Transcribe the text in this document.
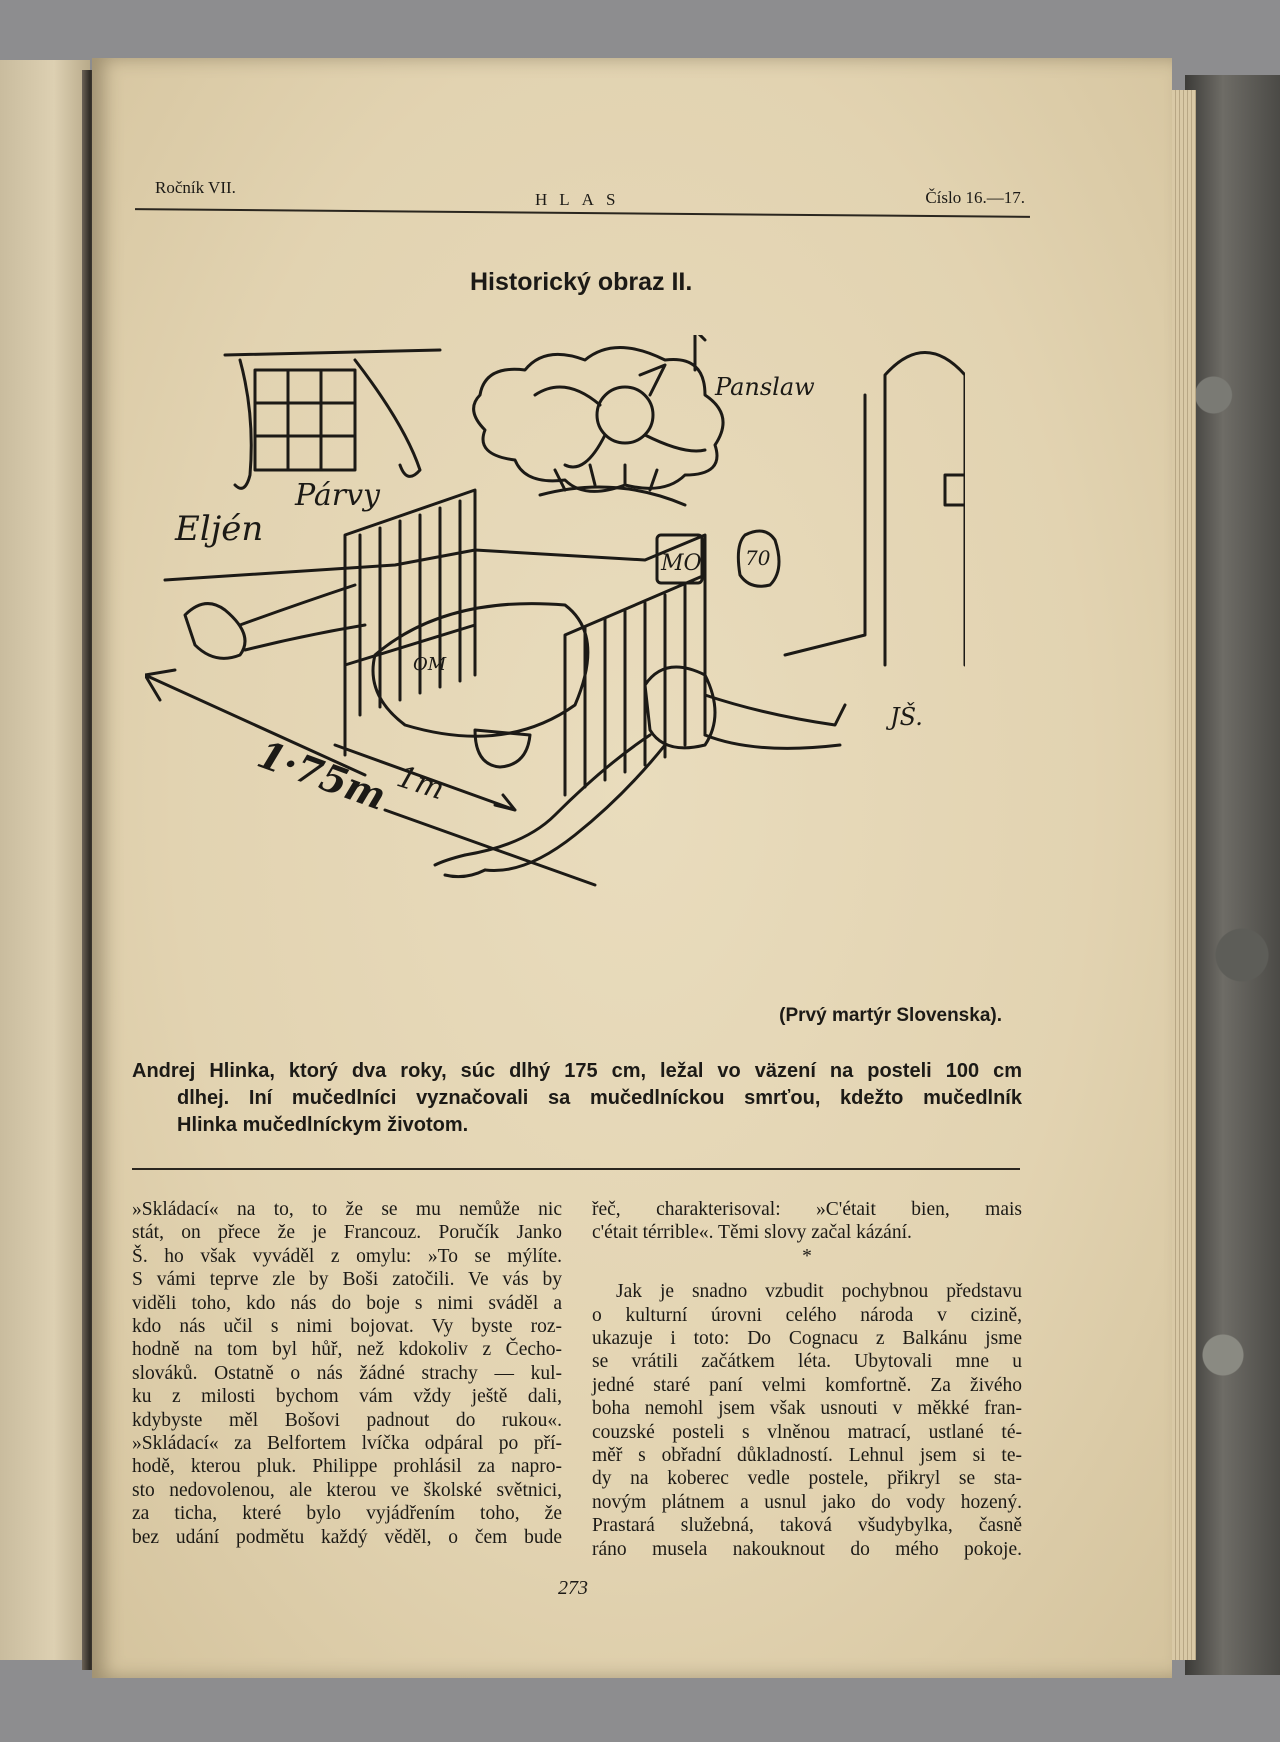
Ročník VII.
HLAS	Číslo 16.—17.
Historický obraz II.
Eljén
Párvy
Panslaw
MO 70
OM
1·75m 1m
JŠ.
(Prvý martýr Slovenska).
Andrej Hlinka, ktorý dva roky, súc dlhý 175 cm, ležal vo väzení na posteli 100 cm
dlhej. Iní mučedlníci vyznačovali sa mučedlníckou smrťou, kdežto mučedlník
Hlinka mučedlníckym životom.
»Skládací« na to, to že se mu nemůže nic
stát, on přece že je Francouz. Poručík Janko
Š. ho však vyváděl z omylu: »To se mýlíte.
S vámi teprve zle by Boši zatočili. Ve vás by
viděli toho, kdo nás do boje s nimi sváděl a
kdo nás učil s nimi bojovat. Vy byste roz-
hodně na tom byl hůř, než kdokoliv z Čecho-
slováků. Ostatně o nás žádné strachy — kul-
ku z milosti bychom vám vždy ještě dali,
kdybyste měl Bošovi padnout do rukou«.
»Skládací« za Belfortem lvíčka odpáral po pří-
hodě, kterou pluk. Philippe prohlásil za napro-
sto nedovolenou, ale kterou ve školské světnici,
za ticha, které bylo vyjádřením toho, že
bez udání podmětu každý věděl, o čem bude
řeč, charakterisoval: »C'était bien, mais
c'était térrible«. Těmi slovy začal kázání.
*
Jak je snadno vzbudit pochybnou představu
o kulturní úrovni celého národa v cizině,
ukazuje i toto: Do Cognacu z Balkánu jsme
se vrátili začátkem léta. Ubytovali mne u
jedné staré paní velmi komfortně. Za živého
boha nemohl jsem však usnouti v měkké fran-
couzské posteli s vlněnou matrací, ustlané té-
měř s obřadní důkladností. Lehnul jsem si te-
dy na koberec vedle postele, přikryl se sta-
novým plátnem a usnul jako do vody hozený.
Prastará služebná, taková všudybylka, časně
ráno musela nakouknout do mého pokoje.
273
